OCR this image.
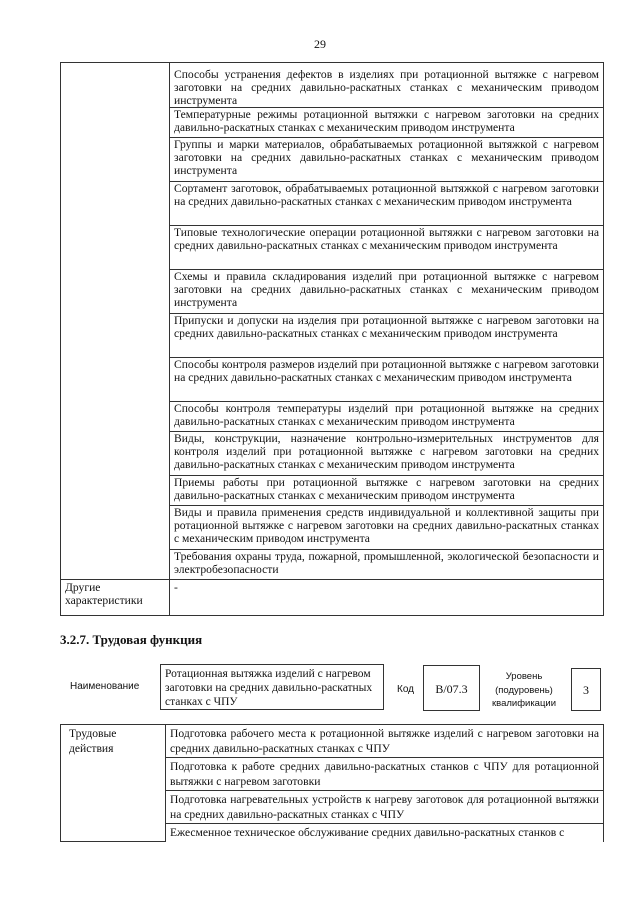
29
	Способы устранения дефектов в изделиях при ротационной вытяжке с нагревом заготовки на средних давильно-раскатных станках с механическим приводом инструмента
	Температурные режимы ротационной вытяжки с нагревом заготовки на средних давильно-раскатных станках с механическим приводом инструмента
	Группы и марки материалов, обрабатываемых ротационной вытяжкой с нагревом заготовки на средних давильно-раскатных станках с механическим приводом инструмента
	Сортамент заготовок, обрабатываемых ротационной вытяжкой с нагревом заготовки на средних давильно-раскатных станках с механическим приводом инструмента
	Типовые технологические операции ротационной вытяжки с нагревом заготовки на средних давильно-раскатных станках с механическим приводом инструмента
	Схемы и правила складирования изделий при ротационной вытяжке с нагревом заготовки на средних давильно-раскатных станках с механическим приводом инструмента
	Припуски и допуски на изделия при ротационной вытяжке с нагревом заготовки на средних давильно-раскатных станках с механическим приводом инструмента
	Способы контроля размеров изделий при ротационной вытяжке с нагревом заготовки на средних давильно-раскатных станках с механическим приводом инструмента
	Способы контроля температуры изделий при ротационной вытяжке на средних давильно-раскатных станках с механическим приводом инструмента
	Виды, конструкции, назначение контрольно-измерительных инструментов для контроля изделий при ротационной вытяжке с нагревом заготовки на средних давильно-раскатных станках с механическим приводом инструмента
	Приемы работы при ротационной вытяжке с нагревом заготовки на средних давильно-раскатных станках с механическим приводом инструмента
	Виды и правила применения средств индивидуальной и коллективной защиты при ротационной вытяжке с нагревом заготовки на средних давильно-раскатных станках с механическим приводом инструмента
	Требования охраны труда, пожарной, промышленной, экологической безопасности и электробезопасности
Другие характеристики	-
3.2.7. Трудовая функция
Наименование
Ротационная вытяжка изделий с нагревом заготовки на средних давильно-раскатных станках с ЧПУ
Код	B/07.3
Уровень (подуровень) квалификации
3
Трудовые действия	Подготовка рабочего места к ротационной вытяжке изделий с нагревом заготовки на средних давильно-раскатных станках с ЧПУ
Подготовка к работе средних давильно-раскатных станков с ЧПУ для ротационной вытяжки с нагревом заготовки
Подготовка нагревательных устройств к нагреву заготовок для ротационной вытяжки на средних давильно-раскатных станках с ЧПУ
Ежесменное техническое обслуживание средних давильно-раскатных станков с
